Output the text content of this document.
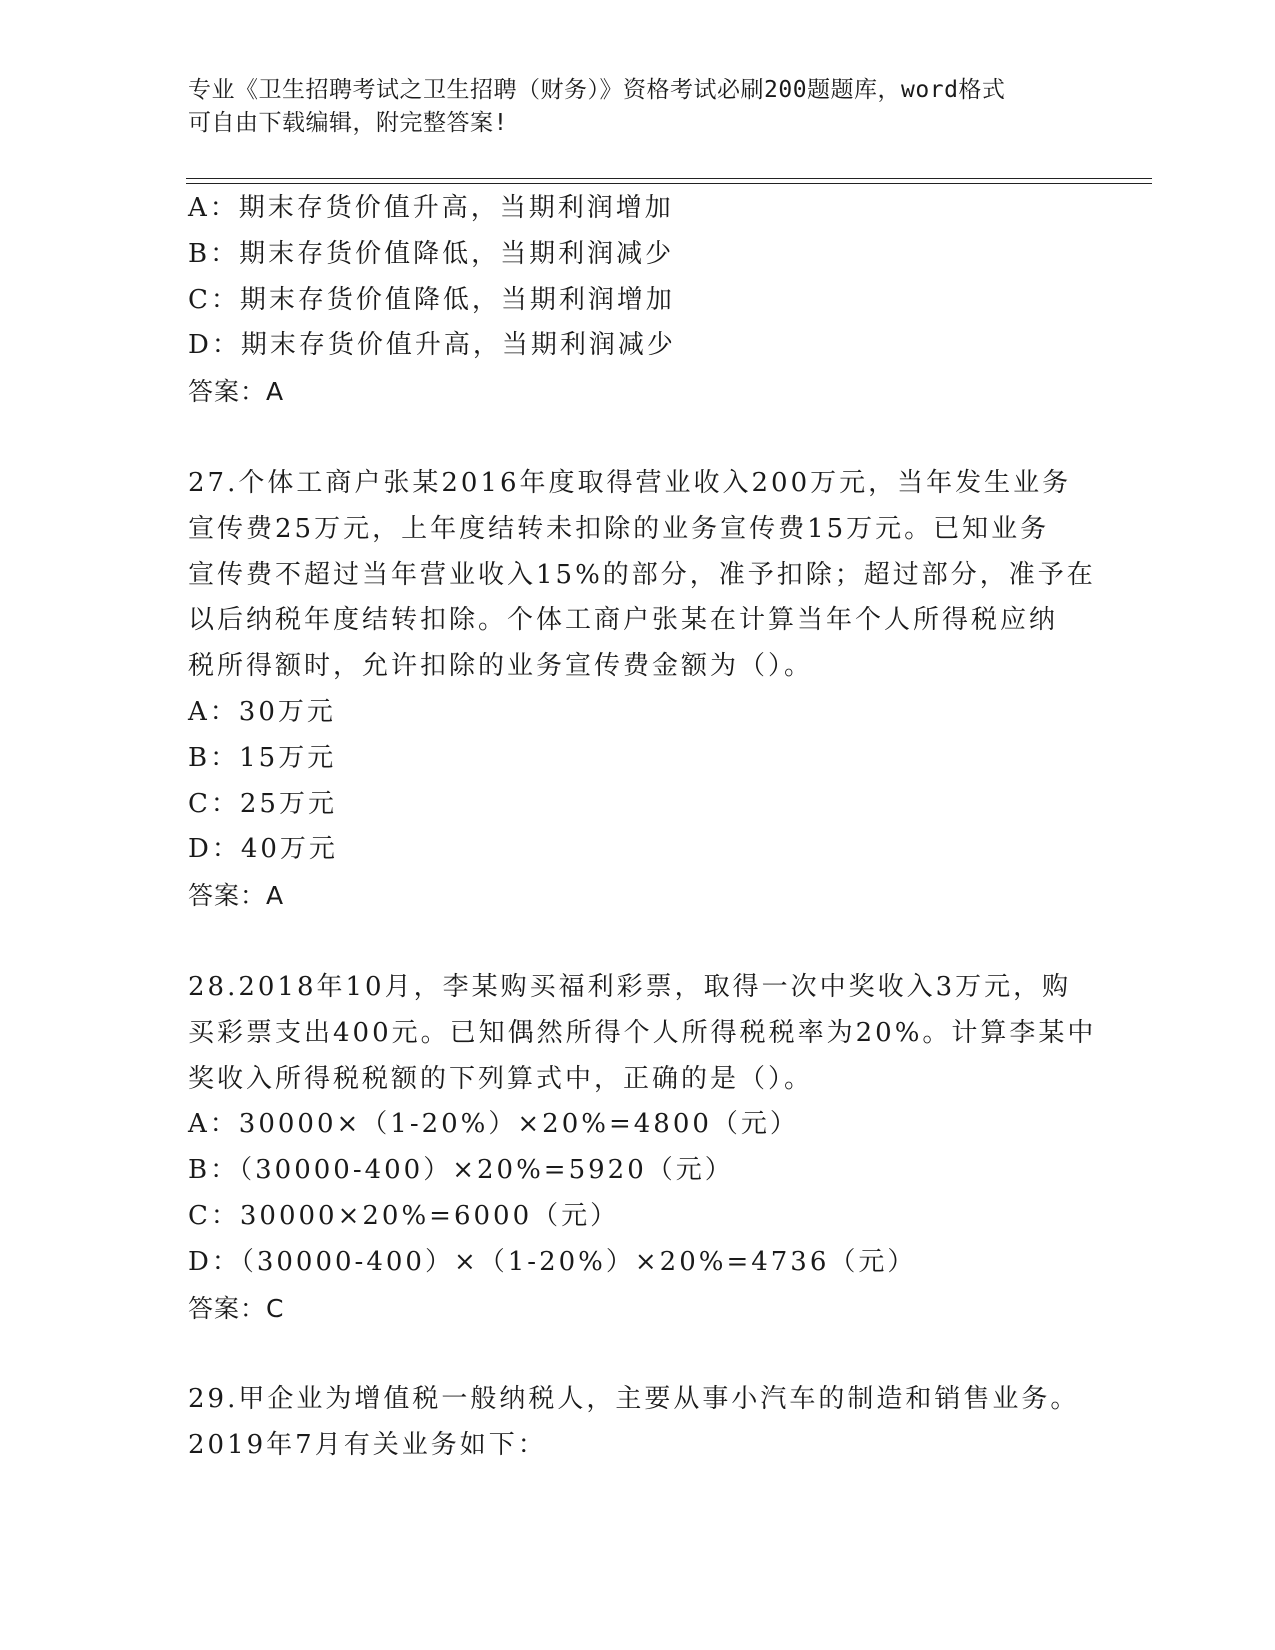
专业《卫生招聘考试之卫生招聘（财务）》资格考试必刷200题题库，word格式
可自由下载编辑，附完整答案!
A：期末存货价值升高，当期利润增加
B：期末存货价值降低，当期利润减少
C：期末存货价值降低，当期利润增加
D：期末存货价值升高，当期利润减少
答案：A
27.个体工商户张某2016年度取得营业收入200万元，当年发生业务
宣传费25万元，上年度结转未扣除的业务宣传费15万元。已知业务
宣传费不超过当年营业收入15%的部分，准予扣除；超过部分，准予在
以后纳税年度结转扣除。个体工商户张某在计算当年个人所得税应纳
税所得额时，允许扣除的业务宣传费金额为（）。
A：30万元
B：15万元
C：25万元
D：40万元
答案：A
28.2018年10月，李某购买福利彩票，取得一次中奖收入3万元，购
买彩票支出400元。已知偶然所得个人所得税税率为20%。计算李某中
奖收入所得税税额的下列算式中，正确的是（）。
A：30000×（1-20%）×20%=4800（元）
B：（30000-400）×20%=5920（元）
C：30000×20%=6000（元）
D：（30000-400）×（1-20%）×20%=4736（元）
答案：C
29.甲企业为增值税一般纳税人，主要从事小汽车的制造和销售业务。
2019年7月有关业务如下：
